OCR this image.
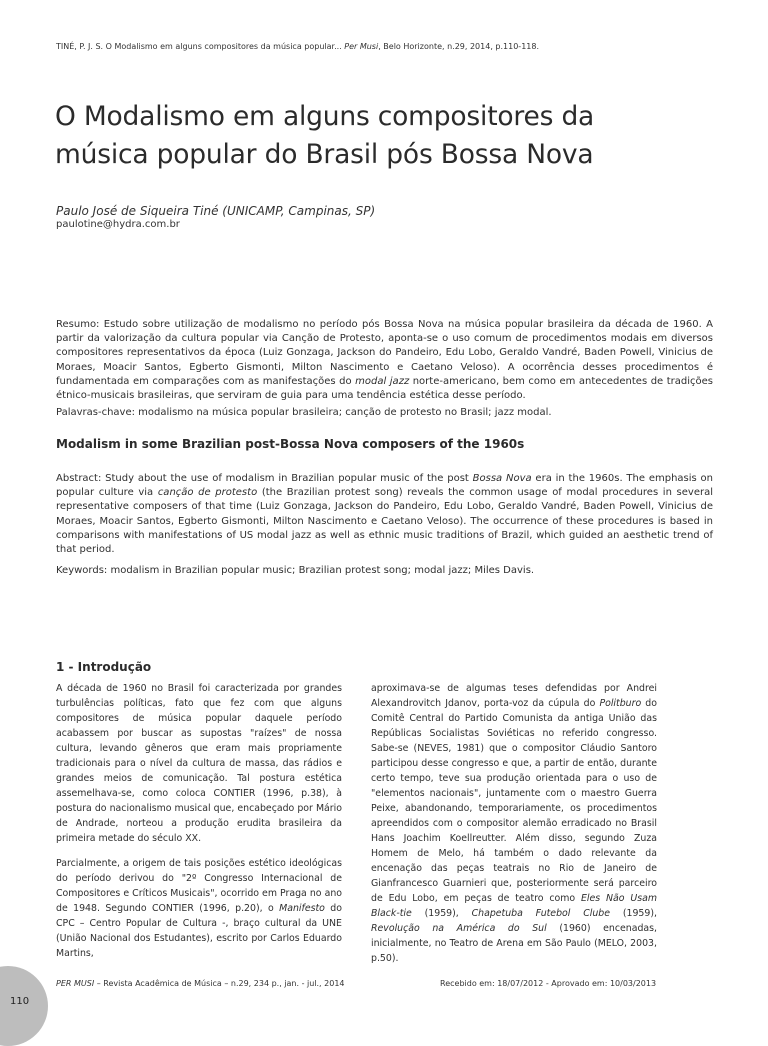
TINÉ, P. J. S. O Modalismo em alguns compositores da música popular... Per Musi, Belo Horizonte, n.29, 2014, p.110-118.
O Modalismo em alguns compositores da música popular do Brasil pós Bossa Nova
Paulo José de Siqueira Tiné (UNICAMP, Campinas, SP)
paulotine@hydra.com.br

Resumo: Estudo sobre utilização de modalismo no período pós Bossa Nova na música popular brasileira da década de 1960. A partir da valorização da cultura popular via Canção de Protesto, aponta-se o uso comum de procedimentos modais em diversos compositores representativos da época (Luiz Gonzaga, Jackson do Pandeiro, Edu Lobo, Geraldo Vandré, Baden Powell, Vinicius de Moraes, Moacir Santos, Egberto Gismonti, Milton Nascimento e Caetano Veloso). A ocorrência desses procedimentos é fundamentada em comparações com as manifestações do modal jazz norte-americano, bem como em antecedentes de tradições étnico-musicais brasileiras, que serviram de guia para uma tendência estética desse período.

Palavras-chave: modalismo na música popular brasileira; canção de protesto no Brasil; jazz modal.

Modalism in some Brazilian post-Bossa Nova composers of the 1960s

Abstract: Study about the use of modalism in Brazilian popular music of the post Bossa Nova era in the 1960s. The emphasis on popular culture via canção de protesto (the Brazilian protest song) reveals the common usage of modal procedures in several representative composers of that time (Luiz Gonzaga, Jackson do Pandeiro, Edu Lobo, Geraldo Vandré, Baden Powell, Vinicius de Moraes, Moacir Santos, Egberto Gismonti, Milton Nascimento e Caetano Veloso). The occurrence of these procedures is based in comparisons with manifestations of US modal jazz as well as ethnic music traditions of Brazil, which guided an aesthetic trend of that period.

Keywords: modalism in Brazilian popular music; Brazilian protest song; modal jazz; Miles Davis.

1 - Introdução

A década de 1960 no Brasil foi caracterizada por grandes turbulências políticas, fato que fez com que alguns compositores de música popular daquele período acabassem por buscar as supostas "raízes" de nossa cultura, levando gêneros que eram mais propriamente tradicionais para o nível da cultura de massa, das rádios e grandes meios de comunicação. Tal postura estética assemelhava-se, como coloca CONTIER (1996, p.38), à postura do nacionalismo musical que, encabeçado por Mário de Andrade, norteou a produção erudita brasileira da primeira metade do século XX.

Parcialmente, a origem de tais posições estético ideológicas do período derivou do "2º Congresso Internacional de Compositores e Críticos Musicais", ocorrido em Praga no ano de 1948. Segundo CONTIER (1996, p.20), o Manifesto do CPC – Centro Popular de Cultura -, braço cultural da UNE (União Nacional dos Estudantes), escrito por Carlos Eduardo Martins,

aproximava-se de algumas teses defendidas por Andrei Alexandrovitch Jdanov, porta-voz da cúpula do Politburo do Comitê Central do Partido Comunista da antiga União das Repúblicas Socialistas Soviéticas no referido congresso. Sabe-se (NEVES, 1981) que o compositor Cláudio Santoro participou desse congresso e que, a partir de então, durante certo tempo, teve sua produção orientada para o uso de "elementos nacionais", juntamente com o maestro Guerra Peixe, abandonando, temporariamente, os procedimentos apreendidos com o compositor alemão erradicado no Brasil Hans Joachim Koellreutter. Além disso, segundo Zuza Homem de Melo, há também o dado relevante da encenação das peças teatrais no Rio de Janeiro de Gianfrancesco Guarnieri que, posteriormente será parceiro de Edu Lobo, em peças de teatro como Eles Não Usam Black-tie (1959), Chapetuba Futebol Clube (1959), Revolução na América do Sul (1960) encenadas, inicialmente, no Teatro de Arena em São Paulo (MELO, 2003, p.50).

PER MUSI – Revista Acadêmica de Música – n.29, 234 p., jan. - jul., 2014	Recebido em: 18/07/2012 - Aprovado em: 10/03/2013
110
